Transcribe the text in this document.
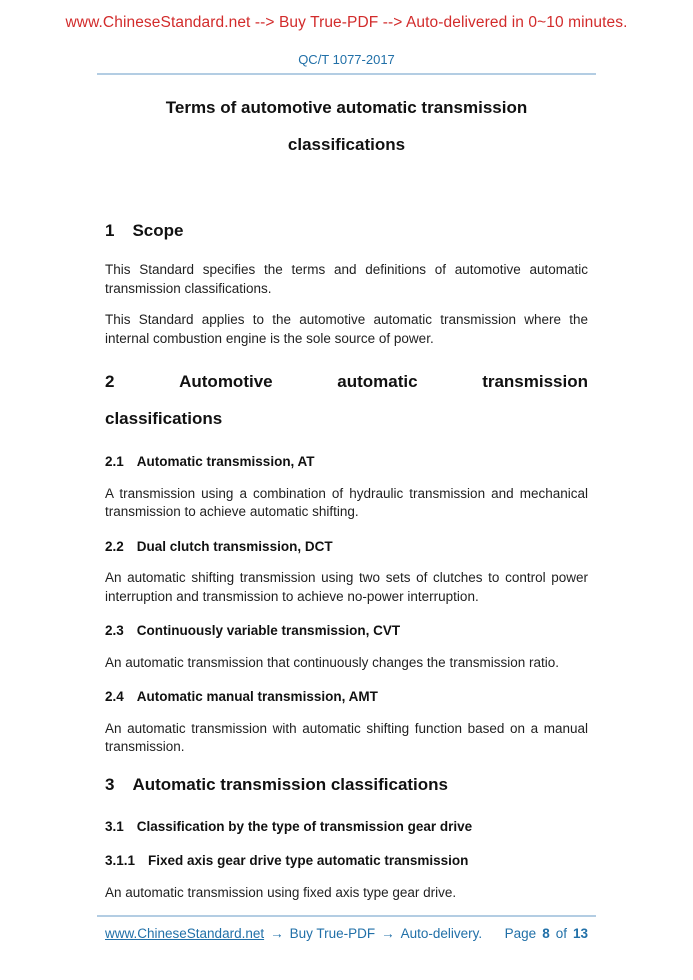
www.ChineseStandard.net --> Buy True-PDF --> Auto-delivered in 0~10 minutes.
QC/T 1077-2017
Terms of automotive automatic transmission
classifications
1 Scope

This Standard specifies the terms and definitions of automotive automatic transmission classifications.

This Standard applies to the automotive automatic transmission where the internal combustion engine is the sole source of power.

2	Automotive	automatic	transmission
classifications
2.1 Automatic transmission, AT

A transmission using a combination of hydraulic transmission and mechanical transmission to achieve automatic shifting.

2.2 Dual clutch transmission, DCT

An automatic shifting transmission using two sets of clutches to control power interruption and transmission to achieve no-power interruption.

2.3 Continuously variable transmission, CVT

An automatic transmission that continuously changes the transmission ratio.

2.4 Automatic manual transmission, AMT

An automatic transmission with automatic shifting function based on a manual transmission.

3 Automatic transmission classifications
3.1 Classification by the type of transmission gear drive
3.1.1 Fixed axis gear drive type automatic transmission

An automatic transmission using fixed axis type gear drive.

www.ChineseStandard.net → Buy True-PDF → Auto-delivery. Page 8 of 13
